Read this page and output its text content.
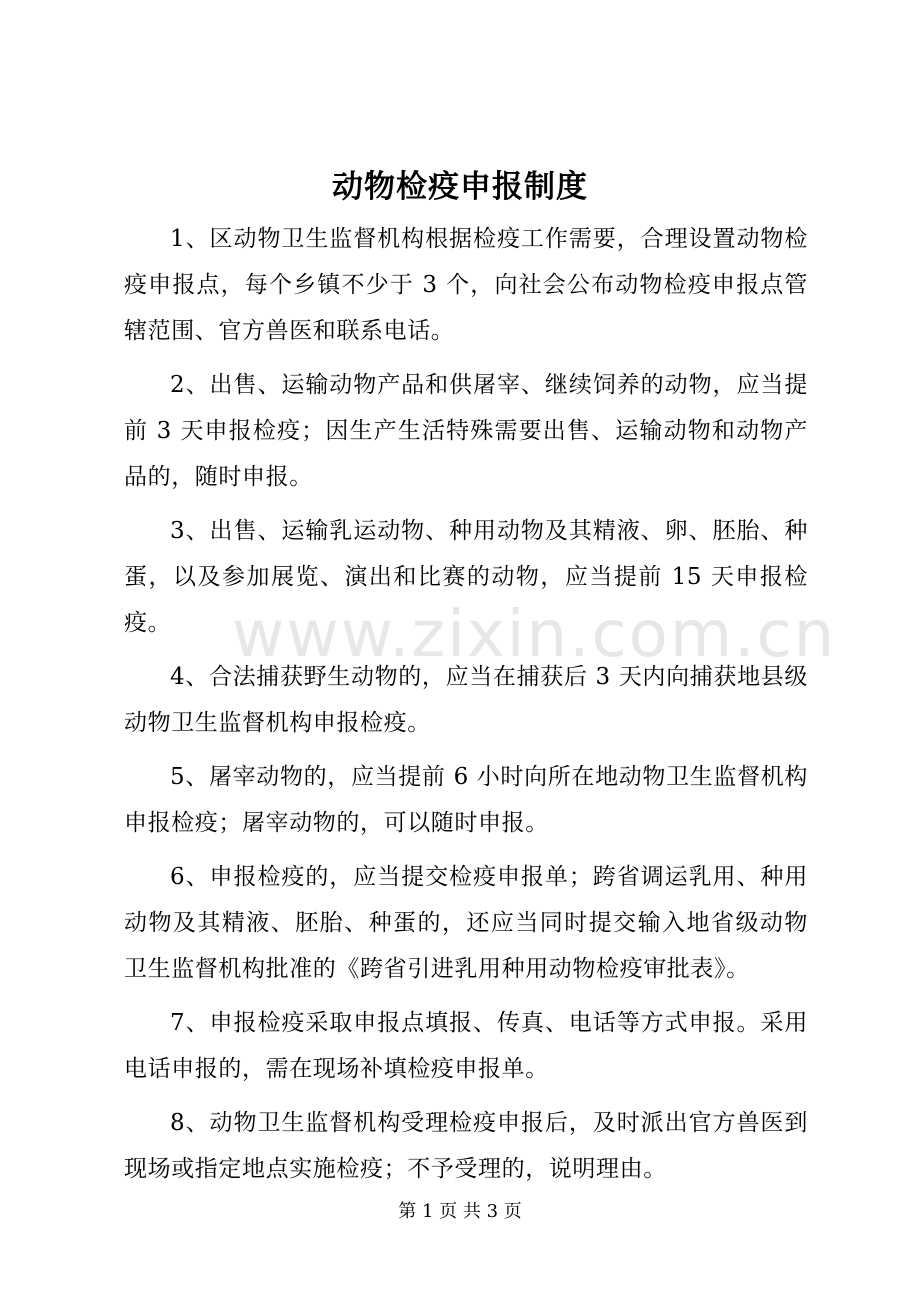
动物检疫申报制度
www.zixin.com.cn

1、区动物卫生监督机构根据检疫工作需要，合理设置动物检疫申报点，每个乡镇不少于 3 个，向社会公布动物检疫申报点管辖范围、官方兽医和联系电话。

2、出售、运输动物产品和供屠宰、继续饲养的动物，应当提前 3 天申报检疫；因生产生活特殊需要出售、运输动物和动物产品的，随时申报。

3、出售、运输乳运动物、种用动物及其精液、卵、胚胎、种蛋，以及参加展览、演出和比赛的动物，应当提前 15 天申报检疫。

4、合法捕获野生动物的，应当在捕获后 3 天内向捕获地县级动物卫生监督机构申报检疫。

5、屠宰动物的，应当提前 6 小时向所在地动物卫生监督机构申报检疫；屠宰动物的，可以随时申报。

6、申报检疫的，应当提交检疫申报单；跨省调运乳用、种用动物及其精液、胚胎、种蛋的，还应当同时提交输入地省级动物卫生监督机构批准的《跨省引进乳用种用动物检疫审批表》。

7、申报检疫采取申报点填报、传真、电话等方式申报。采用电话申报的，需在现场补填检疫申报单。

8、动物卫生监督机构受理检疫申报后，及时派出官方兽医到现场或指定地点实施检疫；不予受理的，说明理由。

第 1 页 共 3 页
